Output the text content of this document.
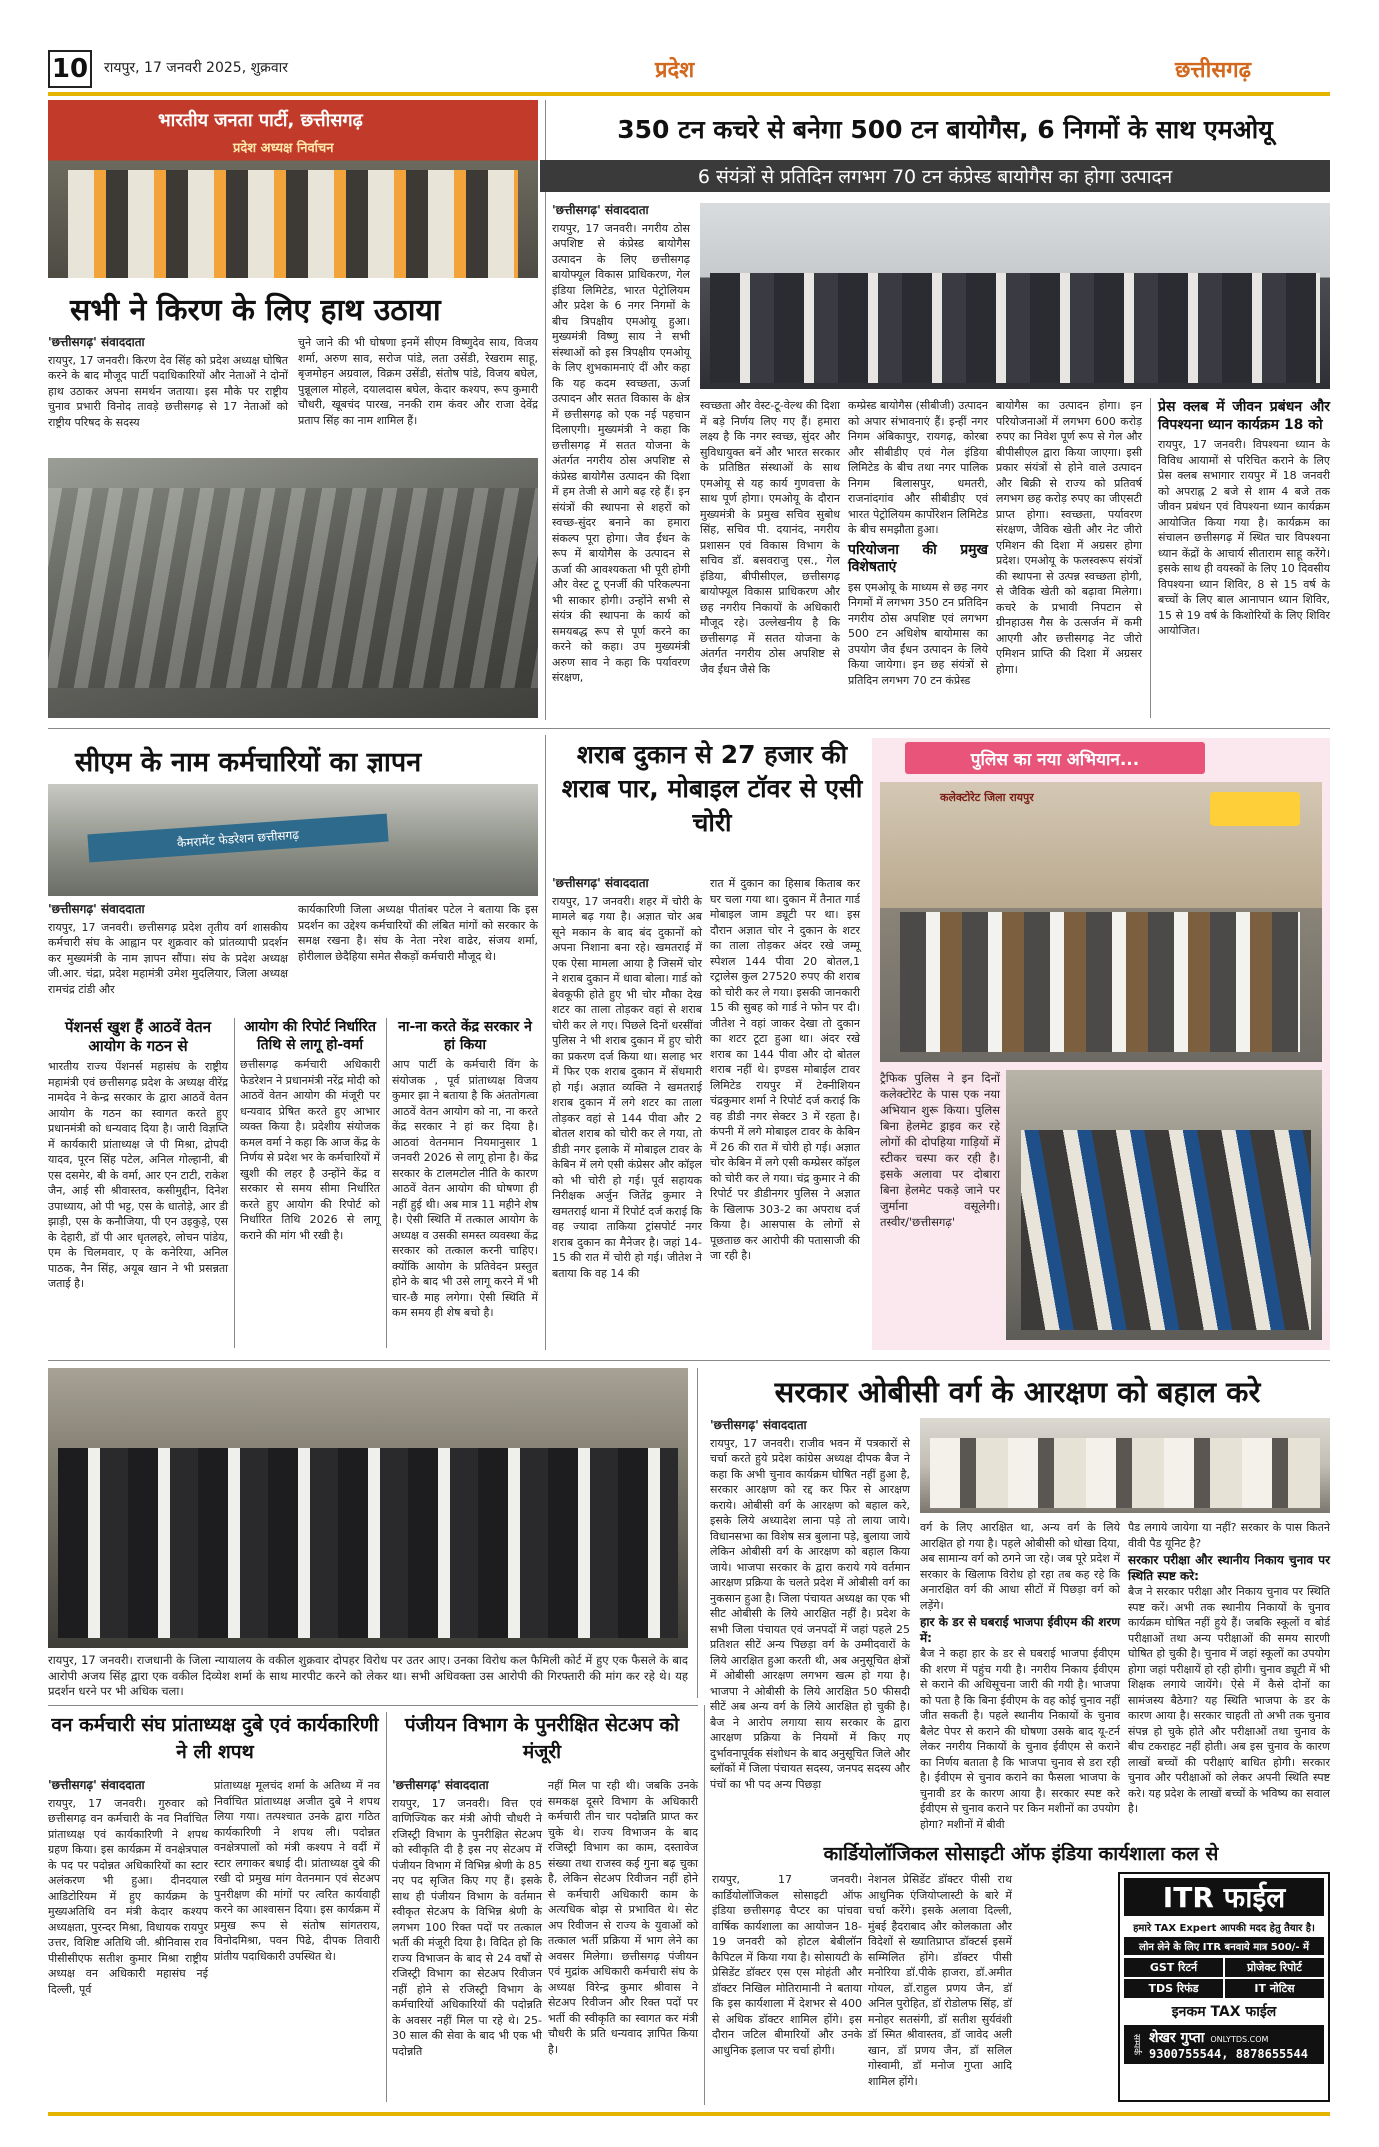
10 रायपुर, 17 जनवरी 2025, शुक्रवार	प्रदेश	छत्तीसगढ़
भारतीय जनता पार्टी, छत्तीसगढ़
प्रदेश अध्यक्ष निर्वाचन
सभी ने किरण के लिए हाथ उठाया
'छत्तीसगढ़' संवाददाता
रायपुर, 17 जनवरी। किरण देव सिंह को प्रदेश अध्यक्ष घोषित करने के बाद मौजूद पार्टी पदाधिकारियों और नेताओं ने दोनों हाथ उठाकर अपना समर्थन जताया। इस मौके पर राष्ट्रीय चुनाव प्रभारी विनोद तावड़े छत्तीसगढ़ से 17 नेताओं को राष्ट्रीय परिषद के सदस्य
चुने जाने की भी घोषणा इनमें सीएम विष्णुदेव साय, विजय शर्मा, अरुण साव, सरोज पांडे, लता उसेंडी, रेखराम साहू, बृजमोहन अग्रवाल, विक्रम उसेंडी, संतोष पांडे, विजय बघेल, पुन्नूलाल मोहले, दयालदास बघेल, केदार कश्यप, रूप कुमारी चौधरी, खूबचंद पारख, ननकी राम कंवर और राजा देवेंद्र प्रताप सिंह का नाम शामिल हैं।
350 टन कचरे से बनेगा 500 टन बायोगैस, 6 निगमों के साथ एमओयू
6 संयंत्रों से प्रतिदिन लगभग 70 टन कंप्रेस्ड बायोगैस का होगा उत्पादन
'छत्तीसगढ़' संवाददाता
रायपुर, 17 जनवरी। नगरीय ठोस अपशिष्ट से कंप्रेस्ड बायोगैस उत्पादन के लिए छत्तीसगढ़ बायोफ्यूल विकास प्राधिकरण, गेल इंडिया लिमिटेड, भारत पेट्रोलियम और प्रदेश के 6 नगर निगमों के बीच त्रिपक्षीय एमओयू हुआ। मुख्यमंत्री विष्णु साय ने सभी संस्थाओं को इस त्रिपक्षीय एमओयू के लिए शुभकामनाएं दीं और कहा कि यह कदम स्वच्छता, ऊर्जा उत्पादन और सतत विकास के क्षेत्र में छत्तीसगढ़ को एक नई पहचान दिलाएगी। मुख्यमंत्री ने कहा कि छत्तीसगढ़ में सतत योजना के अंतर्गत नगरीय ठोस अपशिष्ट से कंप्रेस्ड बायोगैस उत्पादन की दिशा में हम तेजी से आगे बढ़ रहे हैं। इन संयंत्रों की स्थापना से शहरों को स्वच्छ-सुंदर बनाने का हमारा संकल्प पूरा होगा। जैव ईंधन के रूप में बायोगैस के उत्पादन से ऊर्जा की आवश्यकता भी पूरी होगी और वेस्ट टू एनर्जी की परिकल्पना भी साकार होगी। उन्होंने सभी से संयंत्र की स्थापना के कार्य को समयबद्ध रूप से पूर्ण करने का करने को कहा। उप मुख्यमंत्री अरुण साव ने कहा कि पर्यावरण संरक्षण,
स्वच्छता और वेस्ट-टू-वेल्थ की दिशा में बड़े निर्णय लिए गए हैं। हमारा लक्ष्य है कि नगर स्वच्छ, सुंदर और सुविधायुक्त बनें और भारत सरकार के प्रतिष्ठित संस्थाओं के साथ एमओयू से यह कार्य गुणवत्ता के साथ पूर्ण होगा। एमओयू के दौरान मुख्यमंत्री के प्रमुख सचिव सुबोध सिंह, सचिव पी. दयानंद, नगरीय प्रशासन एवं विकास विभाग के सचिव डॉ. बसवराजु एस., गेल इंडिया, बीपीसीएल, छत्तीसगढ़ बायोफ्यूल विकास प्राधिकरण और छह नगरीय निकायों के अधिकारी मौजूद रहे। उल्लेखनीय है कि छत्तीसगढ़ में सतत योजना के अंतर्गत नगरीय ठोस अपशिष्ट से जैव ईंधन जैसे कि
कम्प्रेस्ड बायोगैस (सीबीजी) उत्पादन को अपार संभावनाएं हैं। इन्हीं नगर निगम अंबिकापुर, रायगढ़, कोरबा और सीबीडीए एवं गेल इंडिया लिमिटेड के बीच तथा नगर पालिक निगम बिलासपुर, धमतरी, राजनांदगांव और सीबीडीए एवं भारत पेट्रोलियम कार्पोरेशन लिमिटेड के बीच समझौता हुआ।
परियोजना की प्रमुख विशेषताएं
इस एमओयू के माध्यम से छह नगर निगमों में लगभग 350 टन प्रतिदिन नगरीय ठोस अपशिष्ट एवं लगभग 500 टन अधिशेष बायोमास का उपयोग जैव ईंधन उत्पादन के लिये किया जायेगा। इन छह संयंत्रों से प्रतिदिन लगभग 70 टन कंप्रेस्ड
बायोगैस का उत्पादन होगा। इन परियोजनाओं में लगभग 600 करोड़ रुपए का निवेश पूर्ण रूप से गेल और बीपीसीएल द्वारा किया जाएगा। इसी प्रकार संयंत्रों से होने वाले उत्पादन और बिक्री से राज्य को प्रतिवर्ष लगभग छह करोड़ रुपए का जीएसटी प्राप्त होगा। स्वच्छता, पर्यावरण संरक्षण, जैविक खेती और नेट जीरो एमिशन की दिशा में अग्रसर होगा प्रदेश। एमओयू के फलस्वरूप संयंत्रों की स्थापना से उत्पन्न स्वच्छता होगी, से जैविक खेती को बढ़ावा मिलेगा। कचरे के प्रभावी निपटान से ग्रीनहाउस गैस के उत्सर्जन में कमी आएगी और छत्तीसगढ़ नेट जीरो एमिशन प्राप्ति की दिशा में अग्रसर होगा।
प्रेस क्लब में जीवन प्रबंधन और विपश्यना ध्यान कार्यक्रम 18 को
रायपुर, 17 जनवरी। विपश्यना ध्यान के विविध आयामों से परिचित कराने के लिए प्रेस क्लब सभागार रायपुर में 18 जनवरी को अपराह्न 2 बजे से शाम 4 बजे तक जीवन प्रबंधन एवं विपश्यना ध्यान कार्यक्रम आयोजित किया गया है। कार्यक्रम का संचालन छत्तीसगढ़ में स्थित चार विपश्यना ध्यान केंद्रों के आचार्य सीताराम साहू करेंगे। इसके साथ ही वयस्कों के लिए 10 दिवसीय विपश्यना ध्यान शिविर, 8 से 15 वर्ष के बच्चों के लिए बाल आनापान ध्यान शिविर, 15 से 19 वर्ष के किशोरियों के लिए शिविर आयोजित।
सीएम के नाम कर्मचारियों का ज्ञापन
कैमरामेंट फेडरेशन छत्तीसगढ़
'छत्तीसगढ़' संवाददाता
रायपुर, 17 जनवरी। छत्तीसगढ़ प्रदेश तृतीय वर्ग शासकीय कर्मचारी संघ के आह्वान पर शुक्रवार को प्रांतव्यापी प्रदर्शन कर मुख्यमंत्री के नाम ज्ञापन सौंपा। संघ के प्रदेश अध्यक्ष जी.आर. चंद्रा, प्रदेश महामंत्री उमेश मुदलियार, जिला अध्यक्ष रामचंद्र टांडी और
कार्यकारिणी जिला अध्यक्ष पीतांबर पटेल ने बताया कि इस प्रदर्शन का उद्देश्य कर्मचारियों की लंबित मांगों को सरकार के समक्ष रखना है। संघ के नेता नरेश वाढेर, संजय शर्मा, होरीलाल छेदैहिया समेत सैकड़ों कर्मचारी मौजूद थे।
पेंशनर्स खुश हैं आठवें वेतन आयोग के गठन से
भारतीय राज्य पेंशनर्स महासंघ के राष्ट्रीय महामंत्री एवं छत्तीसगढ़ प्रदेश के अध्यक्ष वीरेंद्र नामदेव ने केन्द्र सरकार के द्वारा आठवें वेतन आयोग के गठन का स्वागत करते हुए प्रधानमंत्री को धन्यवाद दिया है। जारी विज्ञप्ति में कार्यकारी प्रांताध्यक्ष जे पी मिश्रा, द्रोपदी यादव, पूरन सिंह पटेल, अनिल गोल्हानी, बी एस दसमेर, बी के वर्मा, आर एन टाटी, राकेश जैन, आई सी श्रीवास्तव, कसीमुद्दीन, दिनेश उपाध्याय, ओ पी भट्ट, एस के धातोड़े, आर डी झाड़ी, एस के कनौजिया, पी एन उइकुड़े, एस के देहारी, डॉ पी आर धृतलहरे, लोचन पांडेय, एम के चिलमवार, ए के कनेरिया, अनिल पाठक, नैन सिंह, अयूब खान ने भी प्रसन्नता जताई है।
आयोग की रिपोर्ट निर्धारित तिथि से लागू हो-वर्मा
छत्तीसगढ़ कर्मचारी अधिकारी फेडरेशन ने प्रधानमंत्री नरेंद्र मोदी को आठवें वेतन आयोग की मंजूरी पर धन्यवाद प्रेषित करते हुए आभार व्यक्त किया है। प्रदेशीय संयोजक कमल वर्मा ने कहा कि आज केंद्र के निर्णय से प्रदेश भर के कर्मचारियों में खुशी की लहर है उन्होंने केंद्र व सरकार से समय सीमा निर्धारित करते हुए आयोग की रिपोर्ट को निर्धारित तिथि 2026 से लागू कराने की मांग भी रखी है।
ना-ना करते केंद्र सरकार ने हां किया
आप पार्टी के कर्मचारी विंग के संयोजक , पूर्व प्रांताध्यक्ष विजय कुमार झा ने बताया है कि अंततोगत्वा आठवें वेतन आयोग को ना, ना करते केंद्र सरकार ने हां कर दिया है। आठवां वेतनमान नियमानुसार 1 जनवरी 2026 से लागू होना है। केंद्र सरकार के टालमटोल नीति के कारण आठवें वेतन आयोग की घोषणा ही नहीं हुई थी। अब मात्र 11 महीने शेष है। ऐसी स्थिति में तत्काल आयोग के अध्यक्ष व उसकी समस्त व्यवस्था केंद्र सरकार को तत्काल करनी चाहिए। क्योंकि आयोग के प्रतिवेदन प्रस्तुत होने के बाद भी उसे लागू करने में भी चार-छै माह लगेगा। ऐसी स्थिति में कम समय ही शेष बचो है।
शराब दुकान से 27 हजार की शराब पार, मोबाइल टॉवर से एसी चोरी
'छत्तीसगढ़' संवाददाता
रायपुर, 17 जनवरी। शहर में चोरी के मामले बढ़ गया है। अज्ञात चोर अब सूने मकान के बाद बंद दुकानों को अपना निशाना बना रहे। खमतराई में एक ऐसा मामला आया है जिसमें चोर ने शराब दुकान में धावा बोला। गार्ड को बेवकूफी होते हुए भी चोर मौका देख शटर का ताला तोड़कर वहां से शराब चोरी कर ले गए। पिछले दिनों धरसींवां पुलिस ने भी शराब दुकान में हुए चोरी का प्रकरण दर्ज किया था। सलाह भर में फिर एक शराब दुकान में सेंधमारी हो गई। अज्ञात व्यक्ति ने खमतराई शराब दुकान में लगे शटर का ताला तोड़कर वहां से 144 पीवा और 2 बोतल शराब को चोरी कर ले गया, तो डीडी नगर इलाके में मोबाइल टावर के केबिन में लगे एसी कंप्रेसर और कॉइल को भी चोरी हो गई। पूर्व सहायक निरीक्षक अर्जुन जितेंद्र कुमार ने खमतराई थाना में रिपोर्ट दर्ज कराई कि वह ज्यादा ताकिया ट्रांसपोर्ट नगर शराब दुकान का मैनेजर है। जहां 14-15 की रात में चोरी हो गई। जीतेश ने बताया कि वह 14 की
रात में दुकान का हिसाब किताब कर घर चला गया था। दुकान में तैनात गार्ड मोबाइल जाम ड्यूटी पर था। इस दौरान अज्ञात चोर ने दुकान के शटर का ताला तोड़कर अंदर रखे जम्मू स्पेशल 144 पीवा 20 बोतल,1 रट्रालेस कुल 27520 रुपए की शराब को चोरी कर ले गया। इसकी जानकारी 15 की सुबह को गार्ड ने फोन पर दी। जीतेश ने वहां जाकर देखा तो दुकान का शटर टूटा हुआ था। अंदर रखे शराब का 144 पीवा और दो बोतल शराब नहीं थे। इण्डस मोबाईल टावर लिमिटेड रायपुर में टेक्नीशियन चंद्रकुमार शर्मा ने रिपोर्ट दर्ज कराई कि वह डीडी नगर सेक्टर 3 में रहता है। कंपनी में लगे मोबाइल टावर के केबिन में 26 की रात में चोरी हो गई। अज्ञात चोर केबिन में लगे एसी कम्प्रेसर कॉइल को चोरी कर ले गया। चंद्र कुमार ने की रिपोर्ट पर डीडीनगर पुलिस ने अज्ञात के खिलाफ 303-2 का अपराध दर्ज किया है। आसपास के लोगों से पूछताछ कर आरोपी की पतासाजी की जा रही है।
पुलिस का नया अभियान...
कलेक्टोरेट जिला रायपुर
ट्रैफिक पुलिस ने इन दिनों कलेक्टोरेट के पास एक नया अभियान शुरू किया। पुलिस बिना हेलमेट ड्राइव कर रहे लोगों की दोपहिया गाड़ियों में स्टीकर चस्पा कर रही है। इसके अलावा पर दोबारा बिना हेलमेट पकड़े जाने पर जुर्माना वसूलेगी। तस्वीर/'छत्तीसगढ़'
रायपुर, 17 जनवरी। राजधानी के जिला न्यायालय के वकील शुक्रवार दोपहर विरोध पर उतर आए। उनका विरोध कल फैमिली कोर्ट में हुए एक फैसले के बाद आरोपी अजय सिंह द्वारा एक वकील दिव्येश शर्मा के साथ मारपीट करने को लेकर था। सभी अधिवक्ता उस आरोपी की गिरफ्तारी की मांग कर रहे थे। यह प्रदर्शन धरने पर भी अधिक चला।
सरकार ओबीसी वर्ग के आरक्षण को बहाल करे
'छत्तीसगढ़' संवाददाता
रायपुर, 17 जनवरी। राजीव भवन में पत्रकारों से चर्चा करते हुये प्रदेश कांग्रेस अध्यक्ष दीपक बैज ने कहा कि अभी चुनाव कार्यक्रम घोषित नहीं हुआ है, सरकार आरक्षण को रद्द कर फिर से आरक्षण कराये। ओबीसी वर्ग के आरक्षण को बहाल करे, इसके लिये अध्यादेश लाना पड़े तो लाया जाये। विधानसभा का विशेष सत्र बुलाना पड़े, बुलाया जाये लेकिन ओबीसी वर्ग के आरक्षण को बहाल किया जाये। भाजपा सरकार के द्वारा कराये गये वर्तमान आरक्षण प्रक्रिया के चलते प्रदेश में ओबीसी वर्ग का नुकसान हुआ है। जिला पंचायत अध्यक्ष का एक भी सीट ओबीसी के लिये आरक्षित नहीं है। प्रदेश के सभी जिला पंचायत एवं जनपदों में जहां पहले 25 प्रतिशत सीटें अन्य पिछड़ा वर्ग के उम्मीदवारों के लिये आरक्षित हुआ करती थी, अब अनुसूचित क्षेत्रों में ओबीसी आरक्षण लगभग खत्म हो गया है। भाजपा ने ओबीसी के लिये आरक्षित 50 फीसदी सीटें अब अन्य वर्ग के लिये आरक्षित हो चुकी है। बैज ने आरोप लगाया साय सरकार के द्वारा आरक्षण प्रक्रिया के नियमों में किए गए दुर्भावनापूर्वक संशोधन के बाद अनुसूचित जिले और ब्लॉकों में जिला पंचायत सदस्य, जनपद सदस्य और पंचों का भी पद अन्य पिछड़ा
वर्ग के लिए आरक्षित था, अन्य वर्ग के लिये आरक्षित हो गया है। पहले ओबीसी को धोखा दिया, अब सामान्य वर्ग को ठगने जा रहे। जब पूरे प्रदेश में सरकार के खिलाफ विरोध हो रहा तब कह रहे कि अनारक्षित वर्ग की आधा सीटों में पिछड़ा वर्ग को लड़ेंगे।
हार के डर से घबराई भाजपा ईवीएम की शरण में:
बैज ने कहा हार के डर से घबराई भाजपा ईवीएम की शरण में पहुंच गयी है। नगरीय निकाय ईवीएम से कराने की अधिसूचना जारी की गयी है। भाजपा को पता है कि बिना ईवीएम के वह कोई चुनाव नहीं जीत सकती है। पहले स्थानीय निकायों के चुनाव बैलेट पेपर से कराने की घोषणा उसके बाद यू-टर्न लेकर नगरीय निकायों के चुनाव ईवीएम से कराने का निर्णय बताता है कि भाजपा चुनाव से डरा रही है। ईवीएम से चुनाव कराने का फैसला भाजपा के चुनावी डर के कारण आया है। सरकार स्पष्ट करे ईवीएम से चुनाव कराने पर किन मशीनों का उपयोग होगा? मशीनों में बीवी
पैड लगाये जायेगा या नहीं? सरकार के पास कितने वीवी पैड यूनिट है?
सरकार परीक्षा और स्थानीय निकाय चुनाव पर स्थिति स्पष्ट करे:
बैज ने सरकार परीक्षा और निकाय चुनाव पर स्थिति स्पष्ट करें। अभी तक स्थानीय निकायों के चुनाव कार्यक्रम घोषित नहीं हुये हैं। जबकि स्कूलों व बोर्ड परीक्षाओं तथा अन्य परीक्षाओं की समय सारणी घोषित हो चुकी है। चुनाव में जहां स्कूलों का उपयोग होगा जहां परीक्षायें हो रही होगी। चुनाव ड्यूटी में भी शिक्षक लगाये जायेंगे। ऐसे में कैसे दोनों का सामंजस्य बैठेगा? यह स्थिति भाजपा के डर के कारण आया है। सरकार चाहती तो अभी तक चुनाव संपन्न हो चुके होते और परीक्षाओं तथा चुनाव के बीच टकराहट नहीं होती। अब इस चुनाव के कारण लाखों बच्चों की परीक्षाएं बाधित होगी। सरकार चुनाव और परीक्षाओं को लेकर अपनी स्थिति स्पष्ट करे। यह प्रदेश के लाखों बच्चों के भविष्य का सवाल है।
वन कर्मचारी संघ प्रांताध्यक्ष दुबे एवं कार्यकारिणी ने ली शपथ
'छत्तीसगढ़' संवाददाता
रायपुर, 17 जनवरी। गुरुवार को छत्तीसगढ़ वन कर्मचारी के नव निर्वाचित प्रांताध्यक्ष एवं कार्यकारिणी ने शपथ ग्रहण किया। इस कार्यक्रम में वनक्षेत्रपाल के पद पर पदोन्नत अधिकारियों का स्टार अलंकरण भी हुआ। दीनदयाल आडिटोरियम में हुए कार्यक्रम के मुख्यअतिथि वन मंत्री केदार कश्यप अध्यक्षता, पुरन्दर मिश्रा, विधायक रायपुर उत्तर, विशिष्ट अतिथि जी. श्रीनिवास राव पीसीसीएफ सतीश कुमार मिश्रा राष्ट्रीय अध्यक्ष वन अधिकारी महासंघ नई दिल्ली, पूर्व
प्रांताध्यक्ष मूलचंद शर्मा के अतिथ्य में नव निर्वाचित प्रांताध्यक्ष अजीत दुबे ने शपथ लिया गया। तत्पश्चात उनके द्वारा गठित कार्यकारिणी ने शपथ ली। पदोन्नत वनक्षेत्रपालों को मंत्री कश्यप ने वर्दी में स्टार लगाकर बधाई दी। प्रांताध्यक्ष दुबे की रखी दो प्रमुख मांग वेतनमान एवं सेटअप पुनरीक्षण की मांगों पर त्वरित कार्यवाही करने का आश्वासन दिया। इस कार्यक्रम में प्रमुख रूप से संतोष सांगतराय, विनोदमिश्रा, पवन पिढे, दीपक तिवारी प्रांतीय पदाधिकारी उपस्थित थे।
पंजीयन विभाग के पुनरीक्षित सेटअप को मंजूरी
'छत्तीसगढ़' संवाददाता
रायपुर, 17 जनवरी। वित्त एवं वाणिज्यिक कर मंत्री ओपी चौधरी ने रजिस्ट्री विभाग के पुनरीक्षित सेटअप को स्वीकृति दी है इस नए सेटअप में पंजीयन विभाग में विभिन्न श्रेणी के 85 नए पद सृजित किए गए हैं। इसके साथ ही पंजीयन विभाग के वर्तमान स्वीकृत सेटअप के विभिन्न श्रेणी के लगभग 100 रिक्त पदों पर तत्काल भर्ती की मंजूरी दिया है। विदित हो कि राज्य विभाजन के बाद से 24 वर्षों से रजिस्ट्री विभाग का सेटअप रिवीजन नहीं होने से रजिस्ट्री विभाग के कर्मचारियों अधिकारियों की पदोन्नति के अवसर नहीं मिल पा रहे थे। 25-30 साल की सेवा के बाद भी एक भी पदोन्नति
नहीं मिल पा रही थी। जबकि उनके समकक्ष दूसरे विभाग के अधिकारी कर्मचारी तीन चार पदोन्नति प्राप्त कर चुके थे। राज्य विभाजन के बाद रजिस्ट्री विभाग का काम, दस्तावेज संख्या तथा राजस्व कई गुना बढ़ चुका है, लेकिन सेटअप रिवीजन नहीं होने से कर्मचारी अधिकारी काम के अत्यधिक बोझ से प्रभावित थे। सेट अप रिवीजन से राज्य के युवाओं को तत्काल भर्ती प्रक्रिया में भाग लेने का अवसर मिलेगा। छत्तीसगढ़ पंजीयन एवं मुद्रांक अधिकारी कर्मचारी संघ के अध्यक्ष विरेन्द्र कुमार श्रीवास ने सेटअप रिवीजन और रिक्त पदों पर भर्ती की स्वीकृति का स्वागत कर मंत्री चौधरी के प्रति धन्यवाद ज्ञापित किया है।
कार्डियोलॉजिकल सोसाइटी ऑफ इंडिया कार्यशाला कल से
रायपुर, 17 जनवरी। कार्डियोलॉजिकल सोसाइटी ऑफ इंडिया छत्तीसगढ़ चैप्टर का पांचवा वार्षिक कार्यशाला का आयोजन 18-19 जनवरी को होटल बेबीलॉन कैपिटल में किया गया है। सोसायटी के प्रेसिडेंट डॉक्टर एस एस मोहंती और डॉक्टर निखिल मोतिरामानी ने बताया कि इस कार्यशाला में देशभर से 400 से अधिक डॉक्टर शामिल होंगे। इस दौरान जटिल बीमारियों और उनके आधुनिक इलाज पर चर्चा होगी।
नेशनल प्रेसिडेंट डॉक्टर पीसी राथ आधुनिक एंजियोप्लास्टी के बारे में चर्चा करेंगे। इसके अलावा दिल्ली, मुंबई हैदराबाद और कोलकाता और विदेशों से ख्यातिप्राप्त डॉक्टर्स इसमें सम्मिलित होंगे। डॉक्टर पीसी मनोरिया डॉ.पीके हाजरा, डॉ.अमीत गोयल, डॉ.राहुल प्रणय जैन, डॉ अनिल पुरोहित, डॉ रोडोलफ सिंह, डॉ मनोहर सतसंगी, डॉ सतीश सुर्यवंशी डॉ स्मित श्रीवास्तव, डॉ जावेद अली खान, डॉ प्रणय जैन, डॉ सलिल गोस्वामी, डॉ मनोज गुप्ता आदि शामिल होंगे।
ITR फाईल
हमारे TAX Expert आपकी मदद हेतु तैयार है।
लोन लेने के लिए ITR बनवाये मात्र 500/- में
GST रिटर्न	प्रोजेक्ट रिपोर्ट
TDS रिफंड	IT नोटिस
इनकम TAX फाईल
सम्पर्क शेखर गुप्ता ONLYTDS.COM
9300755544, 8878655544
